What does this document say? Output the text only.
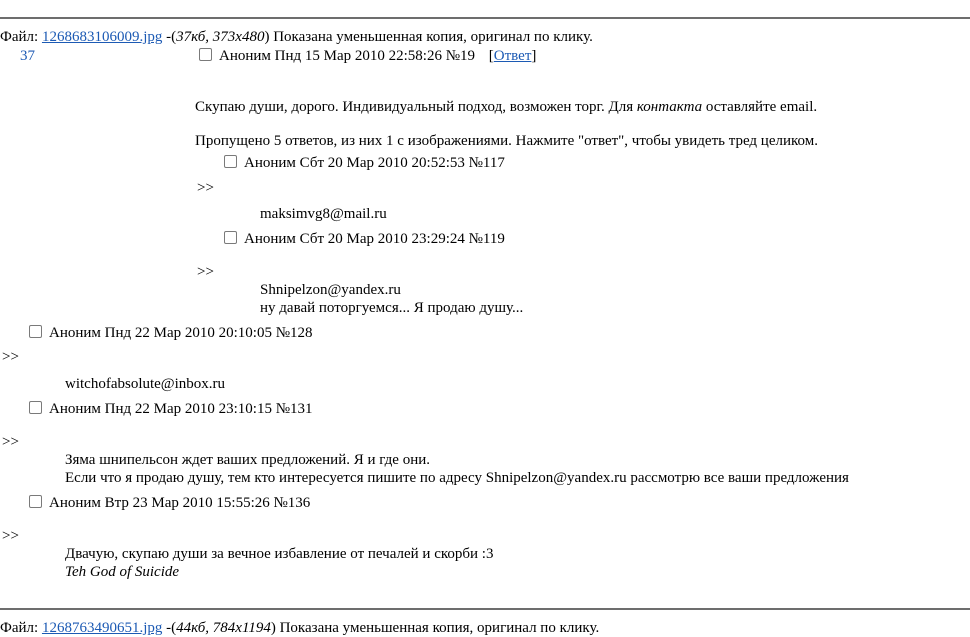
Файл: 1268683106009.jpg -(37кб, 373x480) Показана уменьшенная копия, оригинал по клику.
37	Аноним Пнд 15 Мар 2010 22:58:26 №19 [Ответ]
Скупаю души, дорого. Индивидуальный подход, возможен торг. Для контакта оставляйте email.
Пропущено 5 ответов, из них 1 с изображениями. Нажмите "ответ", чтобы увидеть тред целиком.
Аноним Сбт 20 Мар 2010 20:52:53 №117
>>
maksimvg8@mail.ru
Аноним Сбт 20 Мар 2010 23:29:24 №119
>>
Shnipelzon@yandex.ru
ну давай поторгуемся... Я продаю душу...
Аноним Пнд 22 Мар 2010 20:10:05 №128
>>
witchofabsolute@inbox.ru
Аноним Пнд 22 Мар 2010 23:10:15 №131
>>
Зяма шнипельсон ждет ваших предложений. Я и где они.
Если что я продаю душу, тем кто интересуется пишите по адресу Shnipelzon@yandex.ru рассмотрю все ваши предложения
Аноним Втр 23 Мар 2010 15:55:26 №136
>>
Двачую, скупаю души за вечное избавление от печалей и скорби :3
Teh God of Suicide
Файл: 1268763490651.jpg -(44кб, 784x1194) Показана уменьшенная копия, оригинал по клику.
